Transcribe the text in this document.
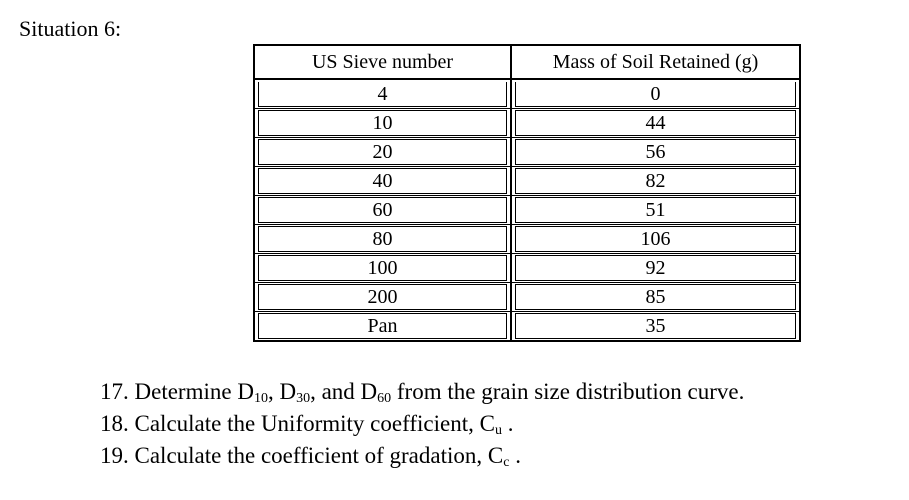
Situation 6:
US Sieve number	Mass of Soil Retained (g)

4	0

10	44

20	56

40	82

60	51

80	106

100	92

200	85

Pan	35
17. Determine $D_{10}$, $D_{30}$, and $D_{60}$ from the grain size distribution curve.
18. Calculate the Uniformity coefficient, $C_u$ .
19. Calculate the coefficient of gradation, $C_c$ .
